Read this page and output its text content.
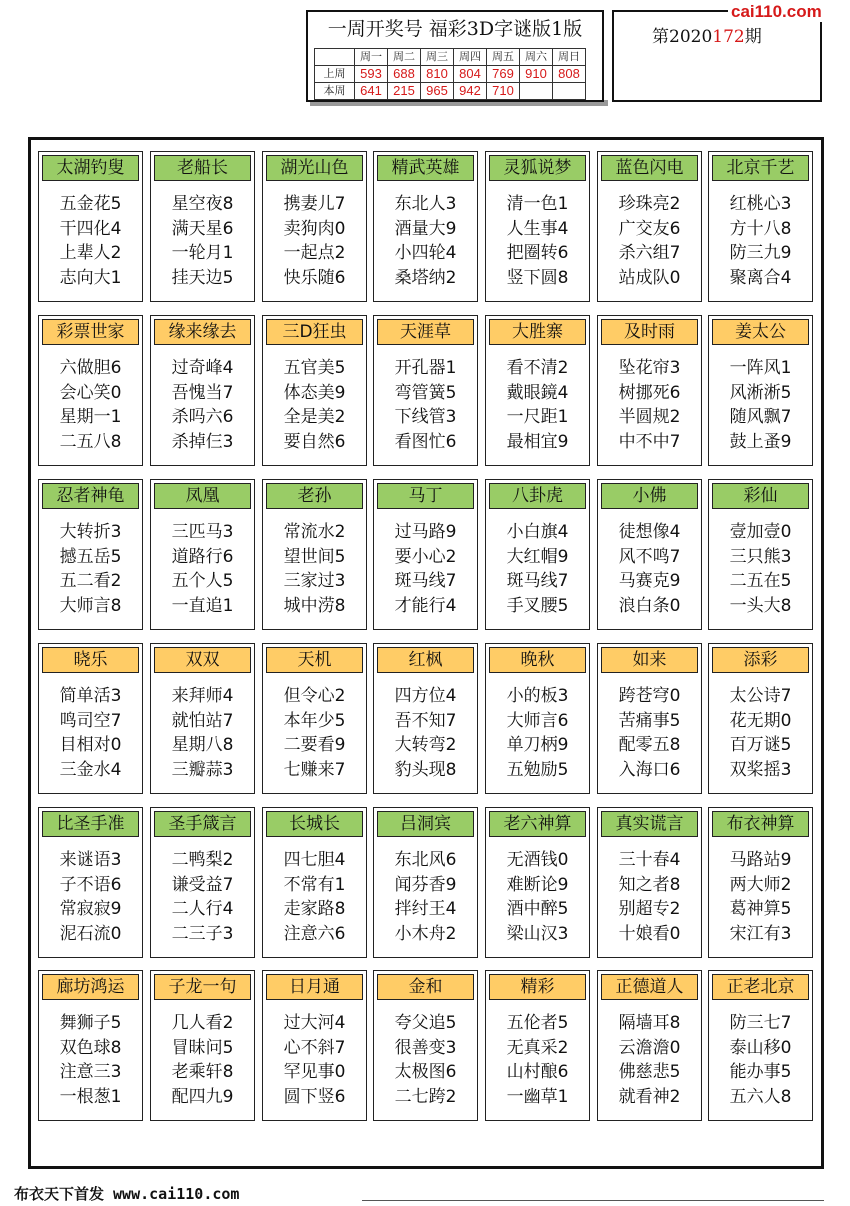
一周开奖号 福彩3D字谜版1版
	周一	周二	周三	周四	周五	周六	周日
上周	593	688	810	804	769	910	808
本周	641	215	965	942	710		
第2020172期
cai110.com
太湖钓叟
五金花5
干四化4
上辈人2
志向大1
老船长
星空夜8
满天星6
一轮月1
挂天边5
湖光山色
携妻儿7
卖狗肉0
一起点2
快乐随6
精武英雄
东北人3
酒量大9
小四轮4
桑塔纳2
灵狐说梦
清一色1
人生事4
把圈转6
竖下圆8
蓝色闪电
珍珠亮2
广交友6
杀六组7
站成队0
北京千艺
红桃心3
方十八8
防三九9
聚离合4
彩票世家
六做胆6
会心笑0
星期一1
二五八8
缘来缘去
过奇峰4
吾愧当7
杀吗六6
杀掉仨3
三D狂虫
五官美5
体态美9
全是美2
要自然6
天涯草
开孔器1
弯管簧5
下线管3
看图忙6
大胜寨
看不清2
戴眼鏡4
一尺距1
最相宜9
及时雨
坠花帘3
树挪死6
半圆规2
中不中7
姜太公
一阵风1
风淅淅5
随风飘7
鼓上蚤9
忍者神龟
大转折3
撼五岳5
五二看2
大师言8
凤凰
三匹马3
道路行6
五个人5
一直追1
老孙
常流水2
望世间5
三家过3
城中涝8
马丁
过马路9
要小心2
斑马线7
才能行4
八卦虎
小白旗4
大红帽9
斑马线7
手叉腰5
小佛
徒想像4
风不鸣7
马赛克9
浪白条0
彩仙
壹加壹0
三只熊3
二五在5
一头大8
晓乐
简单活3
鸣司空7
目相对0
三金水4
双双
来拜师4
就怕站7
星期八8
三瓣蒜3
天机
但令心2
本年少5
二要看9
七赚来7
红枫
四方位4
吾不知7
大转弯2
豹头现8
晚秋
小的板3
大师言6
单刀柄9
五勉励5
如来
跨苍穹0
苦痛事5
配零五8
入海口6
添彩
太公诗7
花无期0
百万谜5
双桨摇3
比圣手准
来谜语3
子不语6
常寂寂9
泥石流0
圣手箴言
二鸭梨2
谦受益7
二人行4
二三子3
长城长
四七胆4
不常有1
走家路8
注意六6
吕洞宾
东北风6
闻芬香9
拌纣王4
小木舟2
老六神算
无酒钱0
难断论9
酒中醉5
梁山汉3
真实谎言
三十春4
知之者8
别超专2
十娘看0
布衣神算
马路站9
两大师2
葛神算5
宋江有3
廊坊鸿运
舞狮子5
双色球8
注意三3
一根葱1
子龙一句
几人看2
冒昧问5
老乘轩8
配四九9
日月通
过大河4
心不斜7
罕见事0
圆下竖6
金和
夸父追5
很善变3
太极图6
二七跨2
精彩
五伦者5
无真采2
山村酿6
一幽草1
正德道人
隔墙耳8
云澹澹0
佛慈悲5
就看神2
正老北京
防三七7
泰山移0
能办事5
五六人8
布衣天下首发 www.cai110.com
